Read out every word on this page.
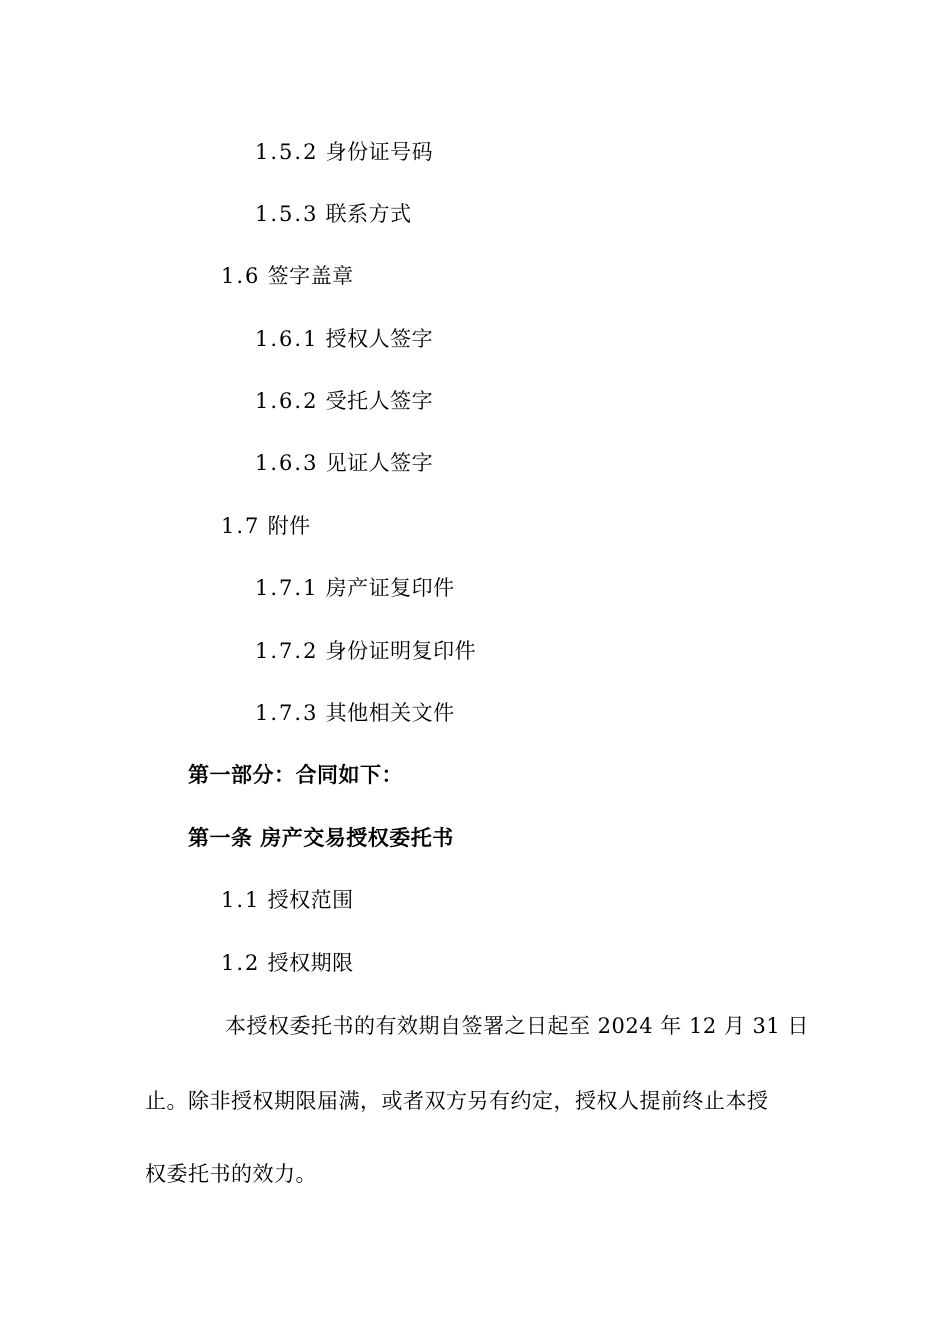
1.5.2 身份证号码
1.5.3 联系方式
1.6 签字盖章
1.6.1 授权人签字
1.6.2 受托人签字
1.6.3 见证人签字
1.7 附件
1.7.1 房产证复印件
1.7.2 身份证明复印件
1.7.3 其他相关文件
第一部分：合同如下：
第一条 房产交易授权委托书
1.1 授权范围
1.2 授权期限
本授权委托书的有效期自签署之日起至 2024 年 12 月 31 日
止。除非授权期限届满，或者双方另有约定，授权人提前终止本授
权委托书的效力。
